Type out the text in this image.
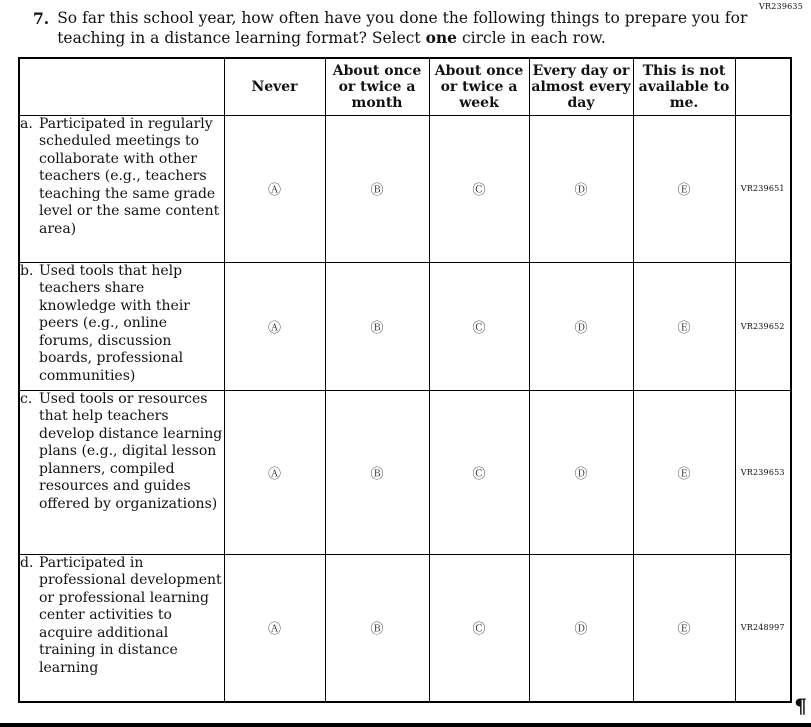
VR239635
7. So far this school year, how often have you done the following things to prepare you for teaching in a distance learning format? Select one circle in each row.
	Never	About once or twice a month	About once or twice a week	Every day or almost every day	This is not available to me.	

a. Participated in regularly scheduled meetings to collaborate with other teachers (e.g., teachers teaching the same grade level or the same content area)	Ⓐ	Ⓑ	Ⓒ	Ⓓ	Ⓔ	VR239651

b. Used tools that help teachers share knowledge with their peers (e.g., online forums, discussion boards, professional communities)	Ⓐ	Ⓑ	Ⓒ	Ⓓ	Ⓔ	VR239652

c. Used tools or resources that help teachers develop distance learning plans (e.g., digital lesson planners, compiled resources and guides offered by organizations)	Ⓐ	Ⓑ	Ⓒ	Ⓓ	Ⓔ	VR239653

d. Participated in professional development or professional learning center activities to acquire additional training in distance learning	Ⓐ	Ⓑ	Ⓒ	Ⓓ	Ⓔ	VR248997
¶
